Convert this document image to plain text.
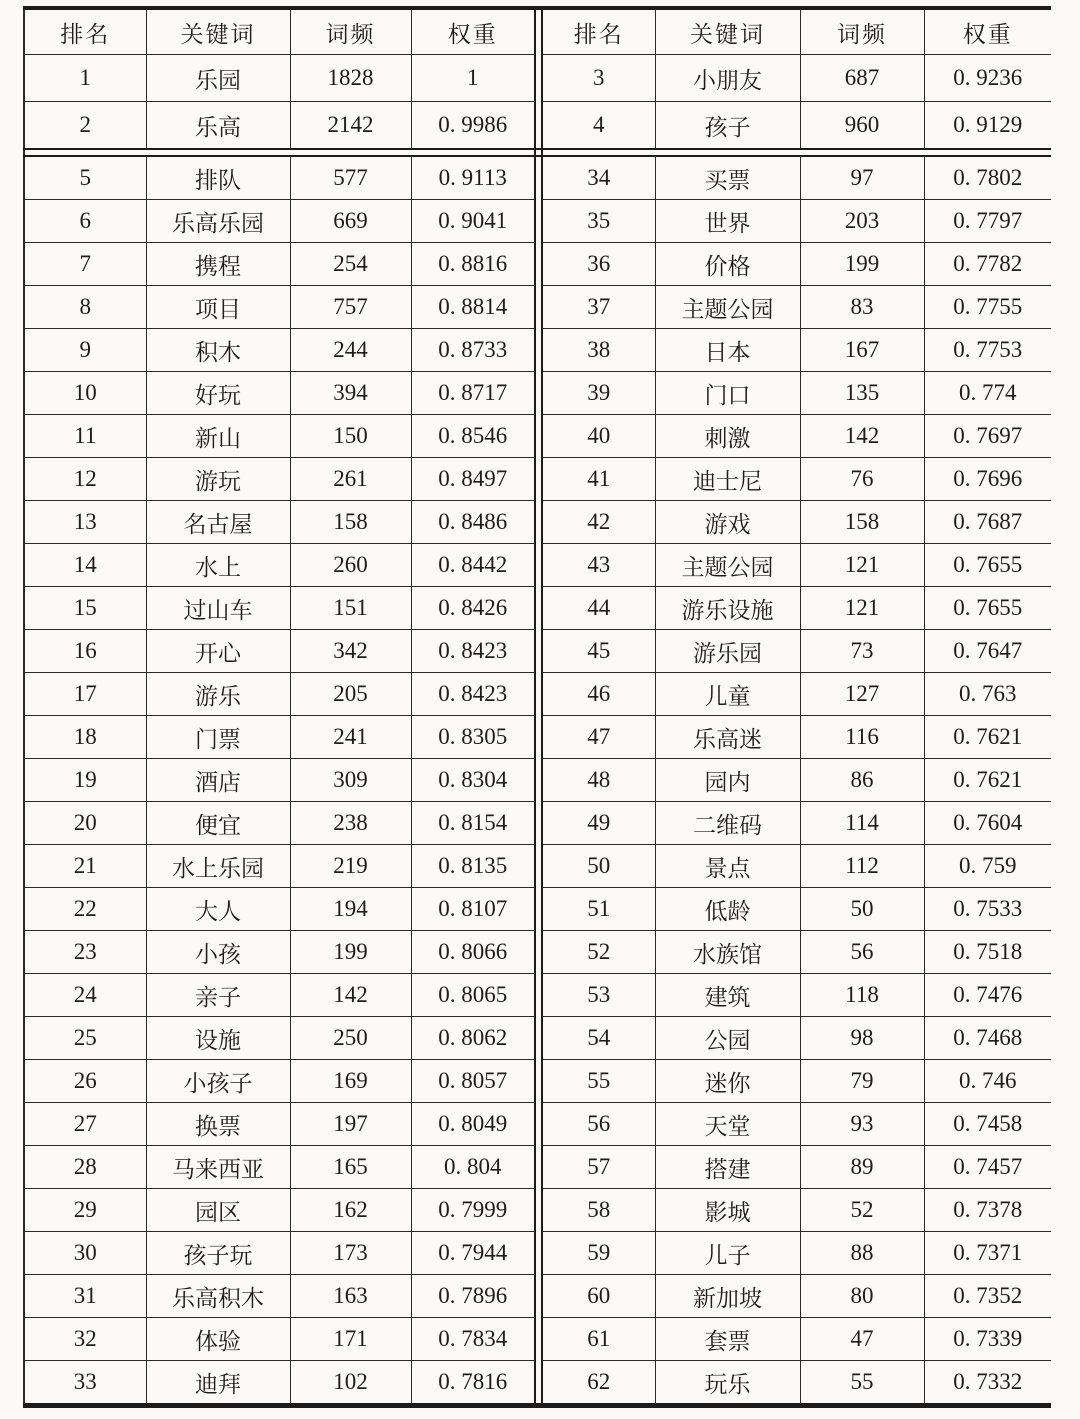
排名	关键词	词频	权重		排名	关键词	词频	权重
1	乐园	1828	1		3	小朋友	687	0. 9236
2	乐高	2142	0. 9986		4	孩子	960	0. 9129

5	排队	577	0. 9113		34	买票	97	0. 7802
6	乐高乐园	669	0. 9041		35	世界	203	0. 7797
7	携程	254	0. 8816		36	价格	199	0. 7782
8	项目	757	0. 8814		37	主题公园	83	0. 7755
9	积木	244	0. 8733		38	日本	167	0. 7753
10	好玩	394	0. 8717		39	门口	135	0. 774
11	新山	150	0. 8546		40	刺激	142	0. 7697
12	游玩	261	0. 8497		41	迪士尼	76	0. 7696
13	名古屋	158	0. 8486		42	游戏	158	0. 7687
14	水上	260	0. 8442		43	主题公园	121	0. 7655
15	过山车	151	0. 8426		44	游乐设施	121	0. 7655
16	开心	342	0. 8423		45	游乐园	73	0. 7647
17	游乐	205	0. 8423		46	儿童	127	0. 763
18	门票	241	0. 8305		47	乐高迷	116	0. 7621
19	酒店	309	0. 8304		48	园内	86	0. 7621
20	便宜	238	0. 8154		49	二维码	114	0. 7604
21	水上乐园	219	0. 8135		50	景点	112	0. 759
22	大人	194	0. 8107		51	低龄	50	0. 7533
23	小孩	199	0. 8066		52	水族馆	56	0. 7518
24	亲子	142	0. 8065		53	建筑	118	0. 7476
25	设施	250	0. 8062		54	公园	98	0. 7468
26	小孩子	169	0. 8057		55	迷你	79	0. 746
27	换票	197	0. 8049		56	天堂	93	0. 7458
28	马来西亚	165	0. 804		57	搭建	89	0. 7457
29	园区	162	0. 7999		58	影城	52	0. 7378
30	孩子玩	173	0. 7944		59	儿子	88	0. 7371
31	乐高积木	163	0. 7896		60	新加坡	80	0. 7352
32	体验	171	0. 7834		61	套票	47	0. 7339
33	迪拜	102	0. 7816		62	玩乐	55	0. 7332
